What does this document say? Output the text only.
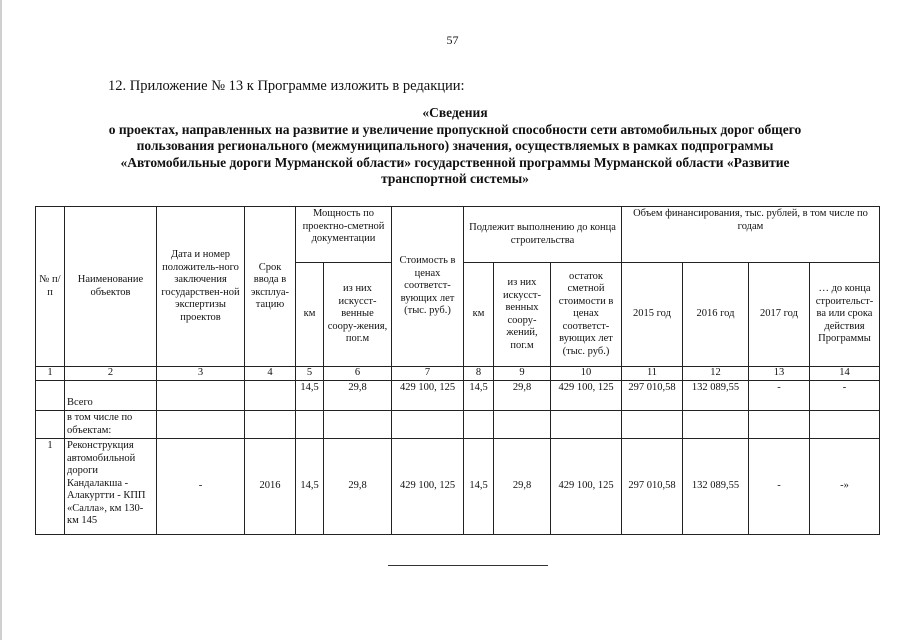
57
12. Приложение № 13 к Программе изложить в редакции:
«Сведения
о проектах, направленных на развитие и увеличение пропускной способности сети автомобильных дорог общего
пользования регионального (межмуниципального) значения, осуществляемых в рамках подпрограммы
«Автомобильные дороги Мурманской области» государственной программы Мурманской области «Развитие
транспортной системы»
№ п/п	Наименование объектов	Дата и номер положитель-ного заключения государствен-ной экспертизы проектов	Срок ввода в эксплуа-тацию	Мощность по проектно-сметной документации		Стоимость в ценах соответст-вующих лет (тыс. руб.)	Подлежит выполнению до конца строительства			Объем финансирования, тыс. рублей, в том числе по годам			
				км	из них искусст-венные соору-жения, пог.м		км	из них искусст-венных соору-жений, пог.м	остаток сметной стоимости в ценах соответст-вующих лет (тыс. руб.)	2015 год	2016 год	2017 год	… до конца строительст-ва или срока действия Программы
1	2	3	4	5	6	7	8	9	10	11	12	13	14
	Всего			14,5	29,8	429 100, 125	14,5	29,8	429 100, 125	297 010,58	132 089,55	-	-
	в том числе по объектам:												
1	Реконструкция автомобильной дороги Кандалакша - Алакуртти - КПП «Салла», км 130-км 145	-	2016	14,5	29,8	429 100, 125	14,5	29,8	429 100, 125	297 010,58	132 089,55	-	-»
